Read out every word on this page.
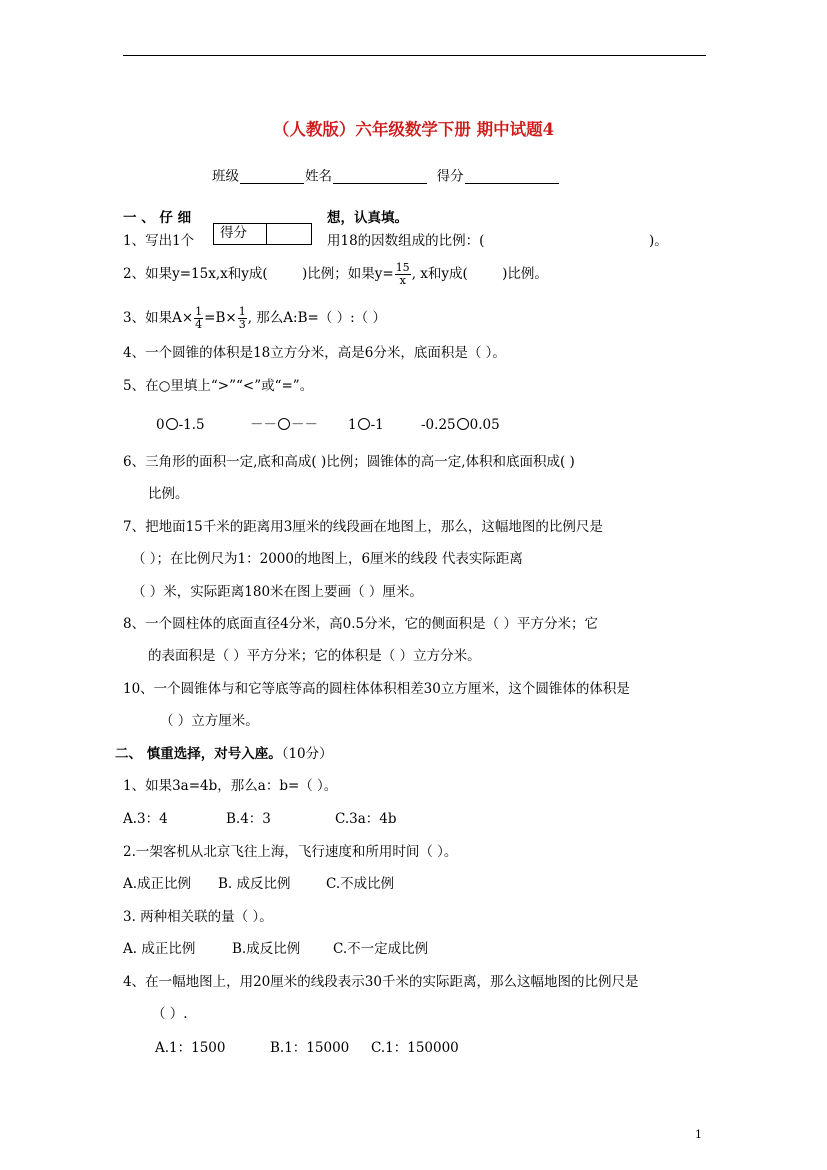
（人教版）六年级数学下册 期中试题4
班级	姓名	得分
一 、 仔 细	想，认真填。
得分
1、写出1个	用18的因数组成的比例：(	)。
2、如果y=15x,x和y成(	)比例；如果$y= \frac{15}{x}$ , x和y成(	)比例。
3、如果$A\times \frac{1}{4} =B\times \frac{1}{3}$ , 那么A:B=（ ）:（ ）
4、一个圆锥的体积是18立方分米，高是6分米，底面积是（ ）。
5、在○里填上“>”“<”或“=”。
0 -1.5	－－ －－ 1 -1	-0.25 0.05
6、三角形的面积一定,底和高成( )比例；圆锥体的高一定,体积和底面积成( )
比例。
7、把地面15千米的距离用3厘米的线段画在地图上，那么，这幅地图的比例尺是
（ ）；在比例尺为1：2000的地图上，6厘米的线段 代表实际距离
（ ）米，实际距离180米在图上要画（ ）厘米。
8、一个圆柱体的底面直径4分米，高0.5分米，它的侧面积是（ ）平方分米；它
的表面积是（ ）平方分米；它的体积是（ ）立方分米。
10、一个圆锥体与和它等底等高的圆柱体体积相差30立方厘米，这个圆锥体的体积是
（ ）立方厘米。
二、 慎重选择，对号入座。（10分）
1、如果3a=4b，那么a：b=（ ）。
A.3：4	B.4：3	C.3a：4b
2.一架客机从北京飞往上海，飞行速度和所用时间（ ）。
A.成正比例 B. 成反比例	C.不成比例
3. 两种相关联的量（ ）。
A. 成正比例	B.成反比例 C.不一定成比例
4、在一幅地图上，用20厘米的线段表示30千米的实际距离，那么这幅地图的比例尺是
（ ）.
A.1：1500	B.1：15000 C.1：150000
1
